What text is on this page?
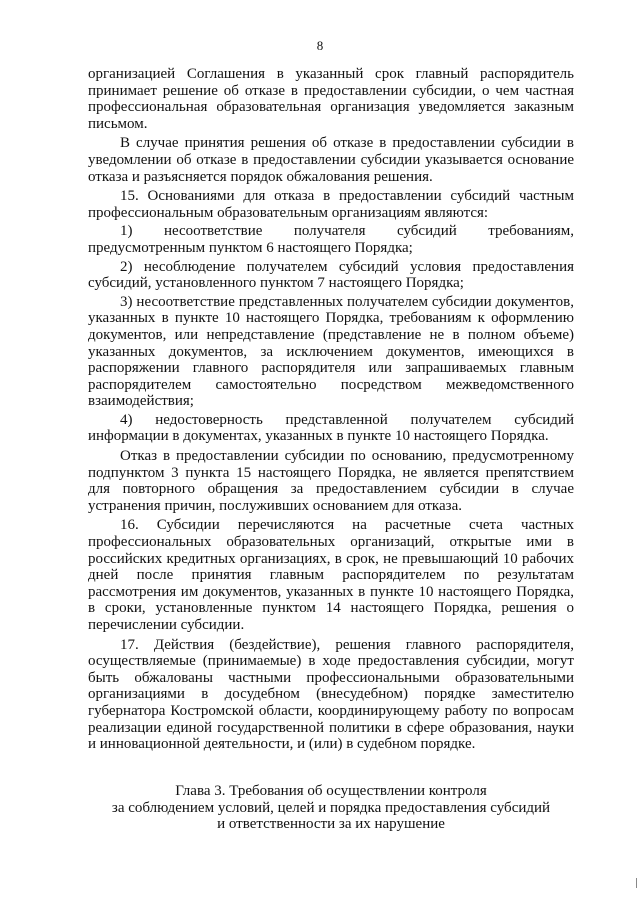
8

организацией Соглашения в указанный срок главный распорядитель принимает решение об отказе в предоставлении субсидии, о чем частная профессиональная образовательная организация уведомляется заказным письмом.

В случае принятия решения об отказе в предоставлении субсидии в уведомлении об отказе в предоставлении субсидии указывается основание отказа и разъясняется порядок обжалования решения.

15. Основаниями для отказа в предоставлении субсидий частным профессиональным образовательным организациям являются:

1) несоответствие получателя субсидий требованиям, предусмотренным пунктом 6 настоящего Порядка;

2) несоблюдение получателем субсидий условия предоставления субсидий, установленного пунктом 7 настоящего Порядка;

3) несоответствие представленных получателем субсидии документов, указанных в пункте 10 настоящего Порядка, требованиям к оформлению документов, или непредставление (представление не в полном объеме) указанных документов, за исключением документов, имеющихся в распоряжении главного распорядителя или запрашиваемых главным распорядителем самостоятельно посредством межведомственного взаимодействия;

4) недостоверность представленной получателем субсидий информации в документах, указанных в пункте 10 настоящего Порядка.

Отказ в предоставлении субсидии по основанию, предусмотренному подпунктом 3 пункта 15 настоящего Порядка, не является препятствием для повторного обращения за предоставлением субсидии в случае устранения причин, послуживших основанием для отказа.

16. Субсидии перечисляются на расчетные счета частных профессиональных образовательных организаций, открытые ими в российских кредитных организациях, в срок, не превышающий 10 рабочих дней после принятия главным распорядителем по результатам рассмотрения им документов, указанных в пункте 10 настоящего Порядка, в сроки, установленные пунктом 14 настоящего Порядка, решения о перечислении субсидии.

17. Действия (бездействие), решения главного распорядителя, осуществляемые (принимаемые) в ходе предоставления субсидии, могут быть обжалованы частными профессиональными образовательными организациями в досудебном (внесудебном) порядке заместителю губернатора Костромской области, координирующему работу по вопросам реализации единой государственной политики в сфере образования, науки и инновационной деятельности, и (или) в судебном порядке.

Глава 3. Требования об осуществлении контроля
за соблюдением условий, целей и порядка предоставления субсидий
и ответственности за их нарушение
